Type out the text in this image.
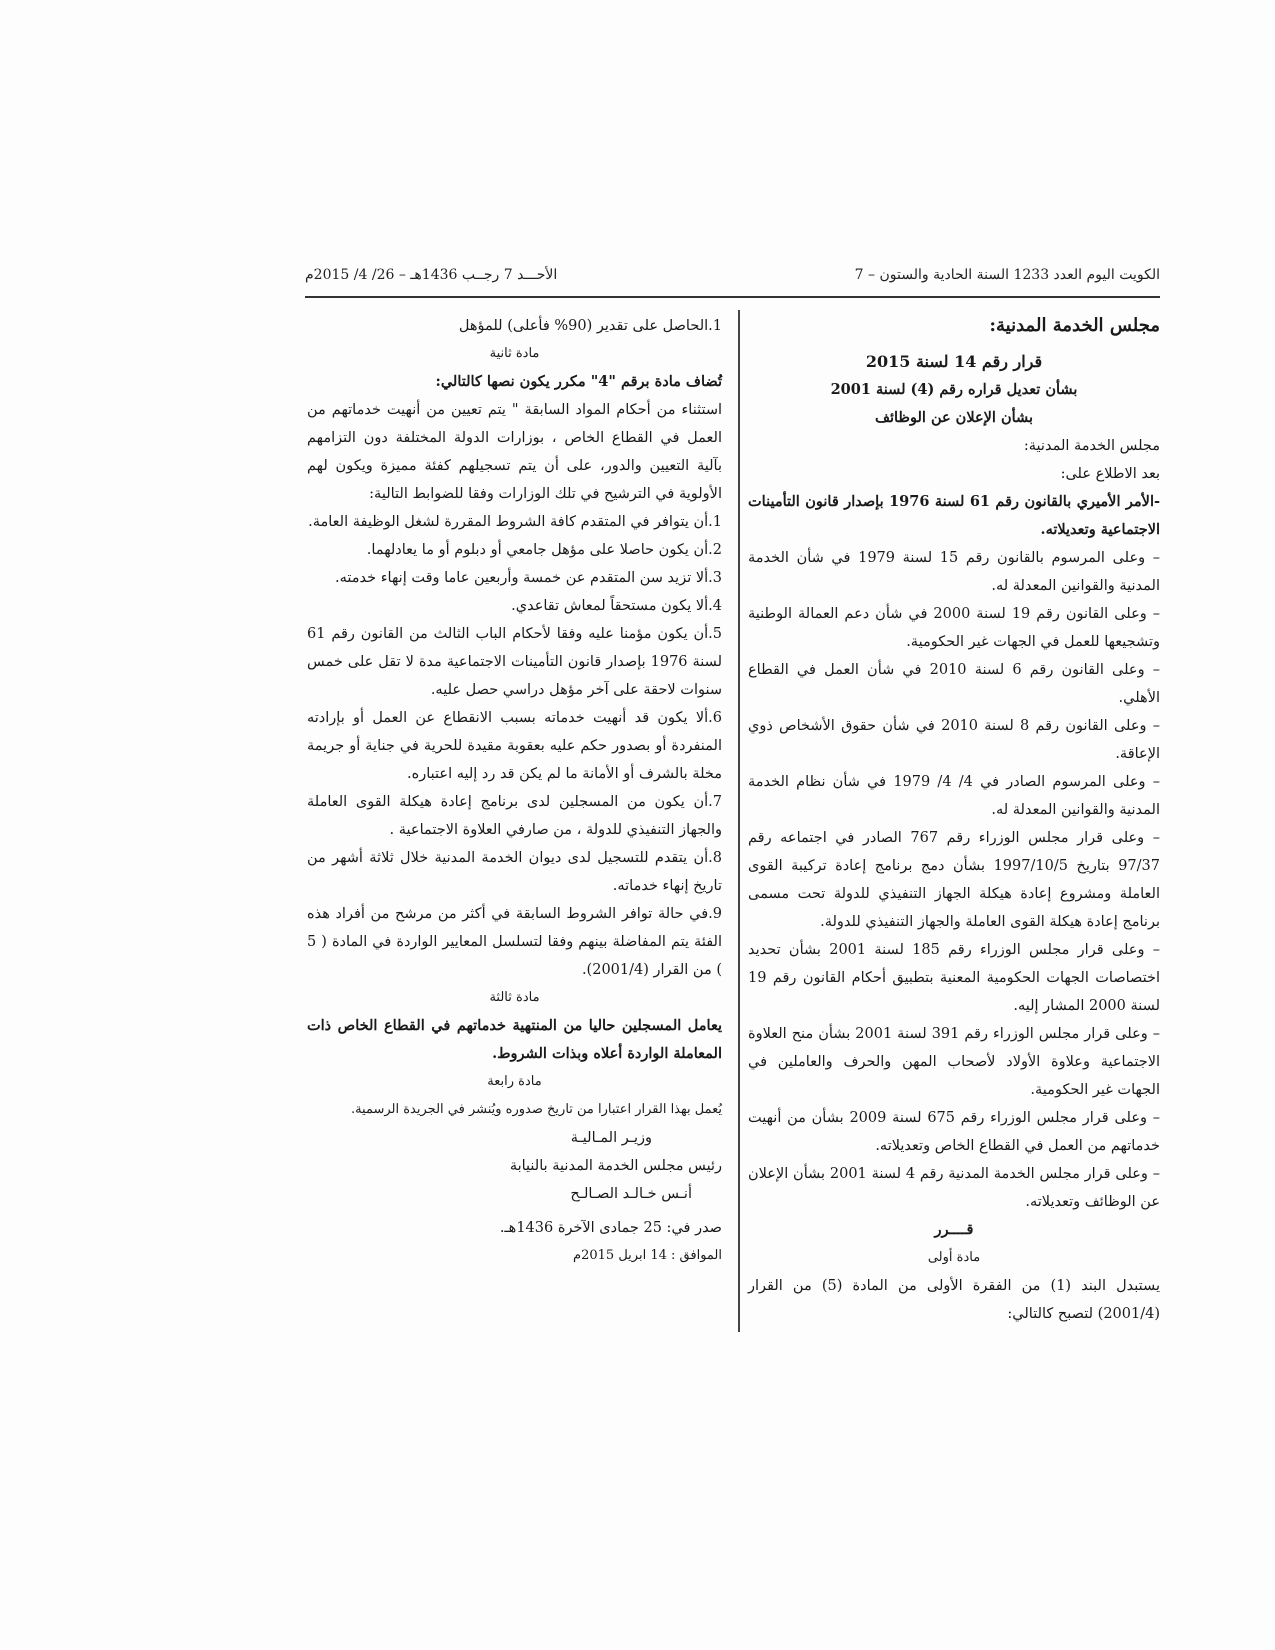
الكويت اليوم العدد 1233 السنة الحادية والستون – 7
الأحـــد 7 رجــب 1436هـ – 26/ 4/ 2015م

مجلس الخدمة المدنية:

قرار رقم 14 لسنة 2015

بشأن تعديل قراره رقم (4) لسنة 2001

بشأن الإعلان عن الوظائف

مجلس الخدمة المدنية:

بعد الاطلاع على:

-الأمر الأميري بالقانون رقم 61 لسنة 1976 بإصدار قانون التأمينات الاجتماعية وتعديلاته.

– وعلى المرسوم بالقانون رقم 15 لسنة 1979 في شأن الخدمة المدنية والقوانين المعدلة له.

– وعلى القانون رقم 19 لسنة 2000 في شأن دعم العمالة الوطنية وتشجيعها للعمل في الجهات غير الحكومية.

– وعلى القانون رقم 6 لسنة 2010 في شأن العمل في القطاع الأهلي.

– وعلى القانون رقم 8 لسنة 2010 في شأن حقوق الأشخاص ذوي الإعاقة.

– وعلى المرسوم الصادر في 4/ 4/ 1979 في شأن نظام الخدمة المدنية والقوانين المعدلة له.

– وعلى قرار مجلس الوزراء رقم 767 الصادر في اجتماعه رقم 97/37 بتاريخ 1997/10/5 بشأن دمج برنامج إعادة تركيبة القوى العاملة ومشروع إعادة هيكلة الجهاز التنفيذي للدولة تحت مسمى برنامج إعادة هيكلة القوى العاملة والجهاز التنفيذي للدولة.

– وعلى قرار مجلس الوزراء رقم 185 لسنة 2001 بشأن تحديد اختصاصات الجهات الحكومية المعنية بتطبيق أحكام القانون رقم 19 لسنة 2000 المشار إليه.

– وعلى قرار مجلس الوزراء رقم 391 لسنة 2001 بشأن منح العلاوة الاجتماعية وعلاوة الأولاد لأصحاب المهن والحرف والعاملين في الجهات غير الحكومية.

– وعلى قرار مجلس الوزراء رقم 675 لسنة 2009 بشأن من أنهيت خدماتهم من العمل في القطاع الخاص وتعديلاته.

– وعلى قرار مجلس الخدمة المدنية رقم 4 لسنة 2001 بشأن الإعلان عن الوظائف وتعديلاته.

قــــرر

مادة أولى

يستبدل البند (1) من الفقرة الأولى من المادة (5) من القرار (2001/4) لتصبح كالتالي:

1.الحاصل على تقدير (90% فأعلى) للمؤهل

مادة ثانية

تُضاف مادة برقم "4" مكرر يكون نصها كالتالي:

استثناء من أحكام المواد السابقة " يتم تعيين من أنهيت خدماتهم من العمل في القطاع الخاص ، بوزارات الدولة المختلفة دون التزامهم بآلية التعيين والدور، على أن يتم تسجيلهم كفئة مميزة ويكون لهم الأولوية في الترشيح في تلك الوزارات وفقا للضوابط التالية:

1.أن يتوافر في المتقدم كافة الشروط المقررة لشغل الوظيفة العامة.

2.أن يكون حاصلا على مؤهل جامعي أو دبلوم أو ما يعادلهما.

3.ألا تزيد سن المتقدم عن خمسة وأربعين عاما وقت إنهاء خدمته.

4.ألا يكون مستحقاً لمعاش تقاعدي.

5.أن يكون مؤمنا عليه وفقا لأحكام الباب الثالث من القانون رقم 61 لسنة 1976 بإصدار قانون التأمينات الاجتماعية مدة لا تقل على خمس سنوات لاحقة على آخر مؤهل دراسي حصل عليه.

6.ألا يكون قد أنهيت خدماته بسبب الانقطاع عن العمل أو بإرادته المنفردة أو بصدور حكم عليه بعقوبة مقيدة للحرية في جناية أو جريمة مخلة بالشرف أو الأمانة ما لم يكن قد رد إليه اعتباره.

7.أن يكون من المسجلين لدى برنامج إعادة هيكلة القوى العاملة والجهاز التنفيذي للدولة ، من صارفي العلاوة الاجتماعية .

8.أن يتقدم للتسجيل لدى ديوان الخدمة المدنية خلال ثلاثة أشهر من تاريخ إنهاء خدماته.

9.في حالة توافر الشروط السابقة في أكثر من مرشح من أفراد هذه الفئة يتم المفاضلة بينهم وفقا لتسلسل المعايير الواردة في المادة ( 5 ) من القرار (2001/4).

مادة ثالثة

يعامل المسجلين حاليا من المنتهية خدماتهم في القطاع الخاص ذات المعاملة الواردة أعلاه وبذات الشروط.

مادة رابعة

يُعمل بهذا القرار اعتبارا من تاريخ صدوره ويُنشر في الجريدة الرسمية.

وزيـر المـاليـة

رئيس مجلس الخدمة المدنية بالنيابة

أنـس خـالـد الصـالـح

صدر في: 25 جمادى الآخرة 1436هـ.

الموافق : 14 ابريل 2015م
